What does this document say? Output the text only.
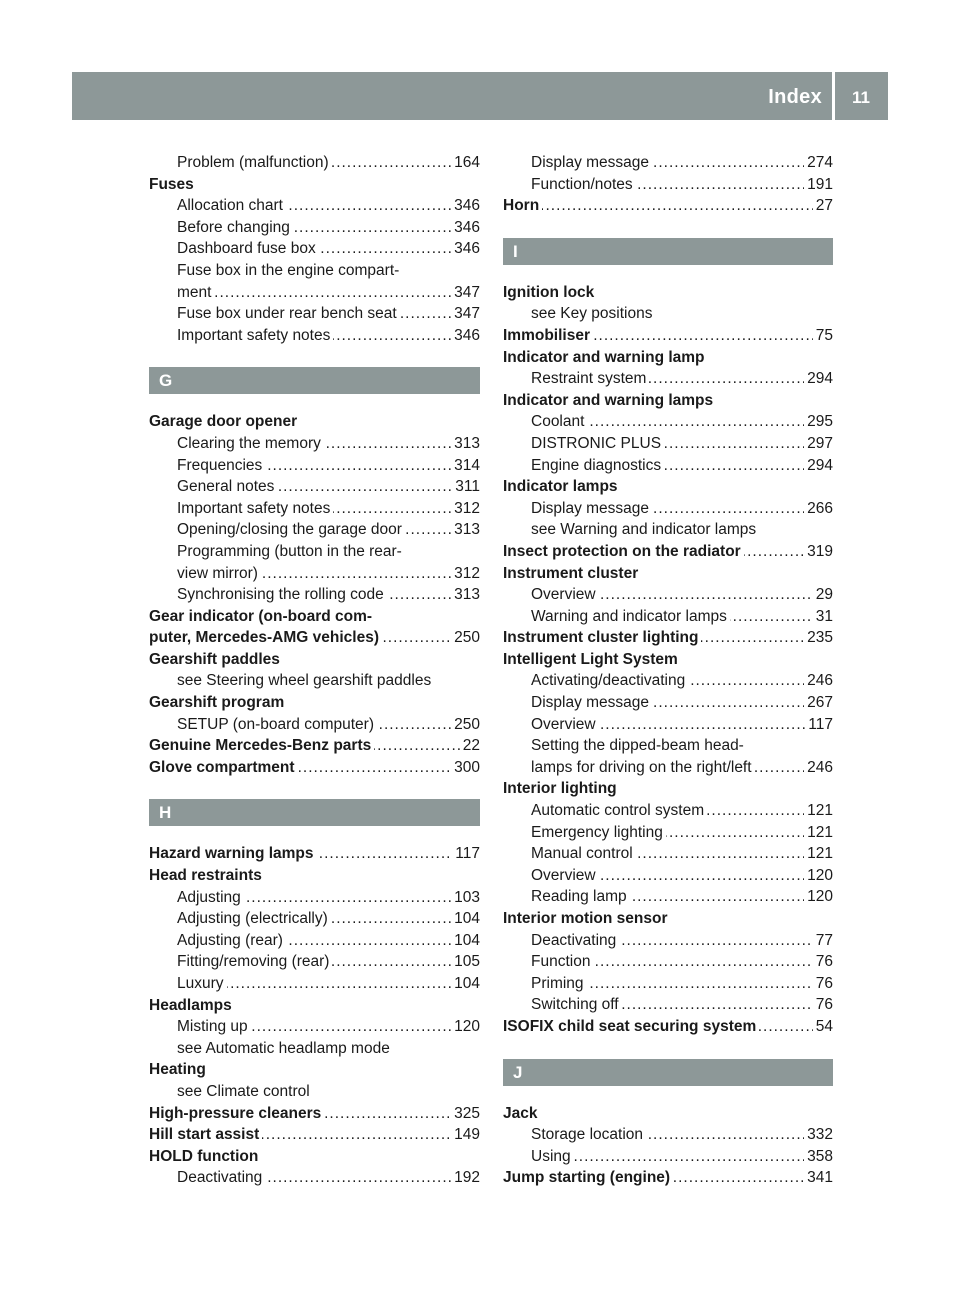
Index 11
.....
Problem (malfunction)	164
Fuses
.....
Allocation chart	346
.....
Before changing	346
.....
Dashboard fuse box	346
Fuse box in the engine compart-
.....
ment	347
.....
Fuse box under rear bench seat	347
.....
Important safety notes	346
G
Garage door opener
.....
Clearing the memory	313
.....
Frequencies	314
.....
General notes	311
.....
Important safety notes	312
.....
Opening/closing the garage door	313
Programming (button in the rear-
.....
view mirror)	312
.....
Synchronising the rolling code	313
Gear indicator (on-board com-
.....
puter, Mercedes-AMG vehicles)	250
Gearshift paddles
see Steering wheel gearshift paddles
Gearshift program
.....
SETUP (on-board computer)	250
.....
Genuine Mercedes-Benz parts	22
.....
Glove compartment	300
H
.....
Hazard warning lamps	117
Head restraints
.....
Adjusting	103
.....
Adjusting (electrically)	104
.....
Adjusting (rear)	104
.....
Fitting/removing (rear)	105
.....
Luxury	104
Headlamps
.....
Misting up	120
see Automatic headlamp mode
Heating
see Climate control
.....
High-pressure cleaners	325
.....
Hill start assist	149
HOLD function
.....
Deactivating	192
.....
Display message	274
.....
Function/notes	191
.....
Horn	27
I
Ignition lock
see Key positions
.....
Immobiliser	75
Indicator and warning lamp
.....
Restraint system	294
Indicator and warning lamps
.....
Coolant	295
.....
DISTRONIC PLUS	297
.....
Engine diagnostics	294
Indicator lamps
.....
Display message	266
see Warning and indicator lamps
.....
Insect protection on the radiator	319
Instrument cluster
.....
Overview	29
.....
Warning and indicator lamps	31
.....
Instrument cluster lighting	235
Intelligent Light System
.....
Activating/deactivating	246
.....
Display message	267
.....
Overview	117
Setting the dipped-beam head-
.....
lamps for driving on the right/left	246
Interior lighting
.....
Automatic control system	121
.....
Emergency lighting	121
.....
Manual control	121
.....
Overview	120
.....
Reading lamp	120
Interior motion sensor
.....
Deactivating	77
.....
Function	76
.....
Priming	76
.....
Switching off	76
.....
ISOFIX child seat securing system	54
J
Jack
.....
Storage location	332
.....
Using	358
.....
Jump starting (engine)	341
